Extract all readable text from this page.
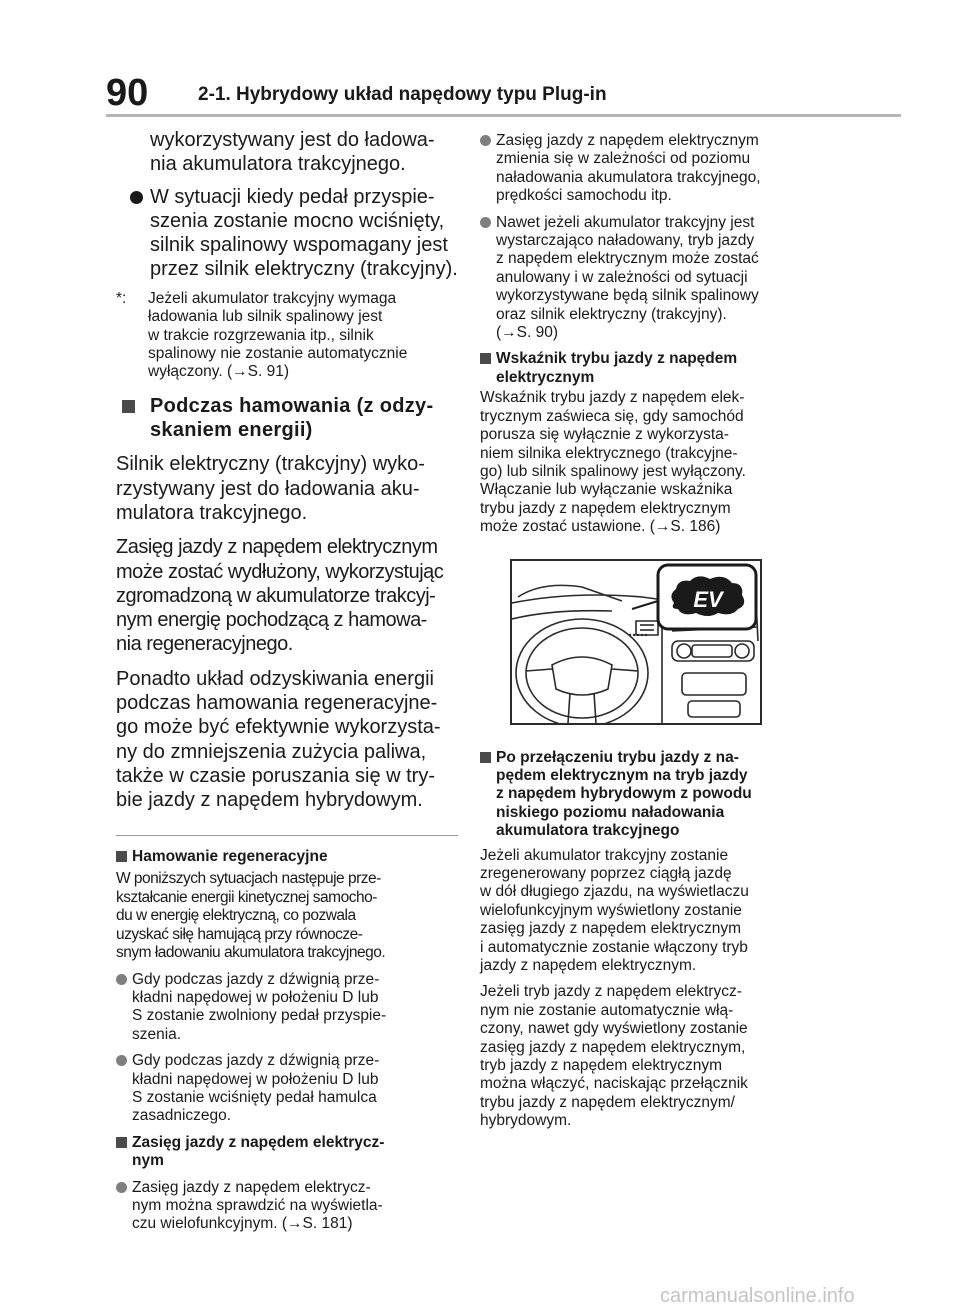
90	2-1. Hybrydowy układ napędowy typu Plug-in

wykorzystywany jest do ładowa-
nia akumulatora trakcyjnego.

W sytuacji kiedy pedał przyspie-
szenia zostanie mocno wciśnięty,
silnik spalinowy wspomagany jest
przez silnik elektryczny (trakcyjny).

*: Jeżeli akumulator trakcyjny wymaga
ładowania lub silnik spalinowy jest
w trakcie rozgrzewania itp., silnik
spalinowy nie zostanie automatycznie
wyłączony. (→S. 91)

Podczas hamowania (z odzy-
skaniem energii)

Silnik elektryczny (trakcyjny) wyko-
rzystywany jest do ładowania aku-
mulatora trakcyjnego.

Zasięg jazdy z napędem elektrycznym
może zostać wydłużony, wykorzystując
zgromadzoną w akumulatorze trakcyj-
nym energię pochodzącą z hamowa-
nia regeneracyjnego.

Ponadto układ odzyskiwania energii
podczas hamowania regeneracyjne-
go może być efektywnie wykorzysta-
ny do zmniejszenia zużycia paliwa,
także w czasie poruszania się w try-
bie jazdy z napędem hybrydowym.

Hamowanie regeneracyjne

W poniższych sytuacjach następuje prze-
kształcanie energii kinetycznej samocho-
du w energię elektryczną, co pozwala
uzyskać siłę hamującą przy równocze-
snym ładowaniu akumulatora trakcyjnego.

Gdy podczas jazdy z dźwignią prze-
kładni napędowej w położeniu D lub
S zostanie zwolniony pedał przyspie-
szenia.

Gdy podczas jazdy z dźwignią prze-
kładni napędowej w położeniu D lub
S zostanie wciśnięty pedał hamulca
zasadniczego.

Zasięg jazdy z napędem elektrycz-
nym

Zasięg jazdy z napędem elektrycz-
nym można sprawdzić na wyświetla-
czu wielofunkcyjnym. (→S. 181)

Zasięg jazdy z napędem elektrycznym
zmienia się w zależności od poziomu
naładowania akumulatora trakcyjnego,
prędkości samochodu itp.

Nawet jeżeli akumulator trakcyjny jest
wystarczająco naładowany, tryb jazdy
z napędem elektrycznym może zostać
anulowany i w zależności od sytuacji
wykorzystywane będą silnik spalinowy
oraz silnik elektryczny (trakcyjny).
(→S. 90)

Wskaźnik trybu jazdy z napędem
elektrycznym

Wskaźnik trybu jazdy z napędem elek-
trycznym zaświeca się, gdy samochód
porusza się wyłącznie z wykorzysta-
niem silnika elektrycznego (trakcyjne-
go) lub silnik spalinowy jest wyłączony.
Włączanie lub wyłączanie wskaźnika
trybu jazdy z napędem elektrycznym
może zostać ustawione. (→S. 186)

EV

Po przełączeniu trybu jazdy z na-
pędem elektrycznym na tryb jazdy
z napędem hybrydowym z powodu
niskiego poziomu naładowania
akumulatora trakcyjnego

Jeżeli akumulator trakcyjny zostanie
zregenerowany poprzez ciągłą jazdę
w dół długiego zjazdu, na wyświetlaczu
wielofunkcyjnym wyświetlony zostanie
zasięg jazdy z napędem elektrycznym
i automatycznie zostanie włączony tryb
jazdy z napędem elektrycznym.

Jeżeli tryb jazdy z napędem elektrycz-
nym nie zostanie automatycznie włą-
czony, nawet gdy wyświetlony zostanie
zasięg jazdy z napędem elektrycznym,
tryb jazdy z napędem elektrycznym
można włączyć, naciskając przełącznik
trybu jazdy z napędem elektrycznym/
hybrydowym.

carmanualsonline.info
